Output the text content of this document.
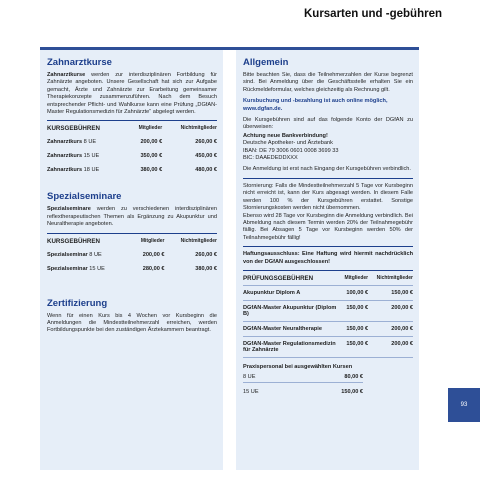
Kursarten und -gebühren
Zahnarztkurse

Zahnarztkurse werden zur interdisziplinären Fortbildung für Zahnärzte angeboten. Unsere Gesellschaft hat sich zur Aufgabe gemacht, Ärzte und Zahnärzte zur Erarbeitung gemeinsamer Therapiekonzepte zusammenzuführen. Nach dem Besuch entsprechender Pflicht- und Wahlkurse kann eine Prüfung „DGfAN-Master Regulationsmedizin für Zahnärzte“ abgelegt werden.

KURSGEBÜHREN	Mitglieder	Nichtmitglieder
Zahnarztkurs 8 UE	200,00 €	260,00 €
Zahnarztkurs 15 UE	350,00 €	450,00 €
Zahnarztkurs 18 UE	380,00 €	480,00 €
Spezialseminare

Spezialseminare werden zu verschiedenen interdisziplinären reflextherapeutischen Themen als Ergänzung zu Akupunktur und Neuraltherapie angeboten.

KURSGEBÜHREN	Mitglieder	Nichtmitglieder
Spezialseminar 8 UE	200,00 €	260,00 €
Spezialseminar 15 UE	280,00 €	380,00 €
Zertifizierung

Wenn für einen Kurs bis 4 Wochen vor Kursbeginn die Anmeldungen die Mindestteilnehmerzahl erreichen, werden Fortbildungspunkte bei den zuständigen Ärztekammern beantragt.

Allgemein

Bitte beachten Sie, dass die Teilnehmerzahlen der Kurse begrenzt sind. Bei Anmeldung über die Geschäftsstelle erhalten Sie ein Rückmeldeformular, welches gleichzeitig als Rechnung gilt.

Kursbuchung und -bezahlung ist auch online möglich, www.dgfan.de.

Die Kursgebühren sind auf das folgende Konto der DGfAN zu überweisen:

Achtung neue Bankverbindung!
Deutsche Apotheker- und Ärztebank
IBAN: DE 79 3006 0601 0008 3699 33
BIC: DAAEDEDDXXX

Die Anmeldung ist erst nach Eingang der Kursgebühren verbindlich.

Stornierung: Falls die Mindestteilnehmerzahl 5 Tage vor Kursbeginn nicht erreicht ist, kann der Kurs abgesagt werden. In diesem Falle werden 100 % der Kursgebühren erstattet. Sonstige Stornierungskosten werden nicht übernommen.

Ebenso wird 28 Tage vor Kursbeginn die Anmeldung verbindlich. Bei Abmeldung nach diesem Termin werden 20% der Teilnahmegebühr fällig. Bei Absagen 5 Tage vor Kursbeginn werden 50% der Teilnahmegebühr fällig!

Haftungsausschluss: Eine Haftung wird hiermit nachdrücklich von der DGfAN ausgeschlossen!

PRÜFUNGSGEBÜHREN	Mitglieder	Nichtmitglieder

Akupunktur Diplom A	100,00 €	150,00 €

DGfAN-Master Akupunktur (Diplom B)	150,00 €	200,00 €

DGfAN-Master Neuraltherapie	150,00 €	200,00 €

DGfAN-Master Regulationsmedizin für Zahnärzte	150,00 €	200,00 €

Praxispersonal bei ausgewählten Kursen
8 UE	80,00 €

15 UE	150,00 €
93
